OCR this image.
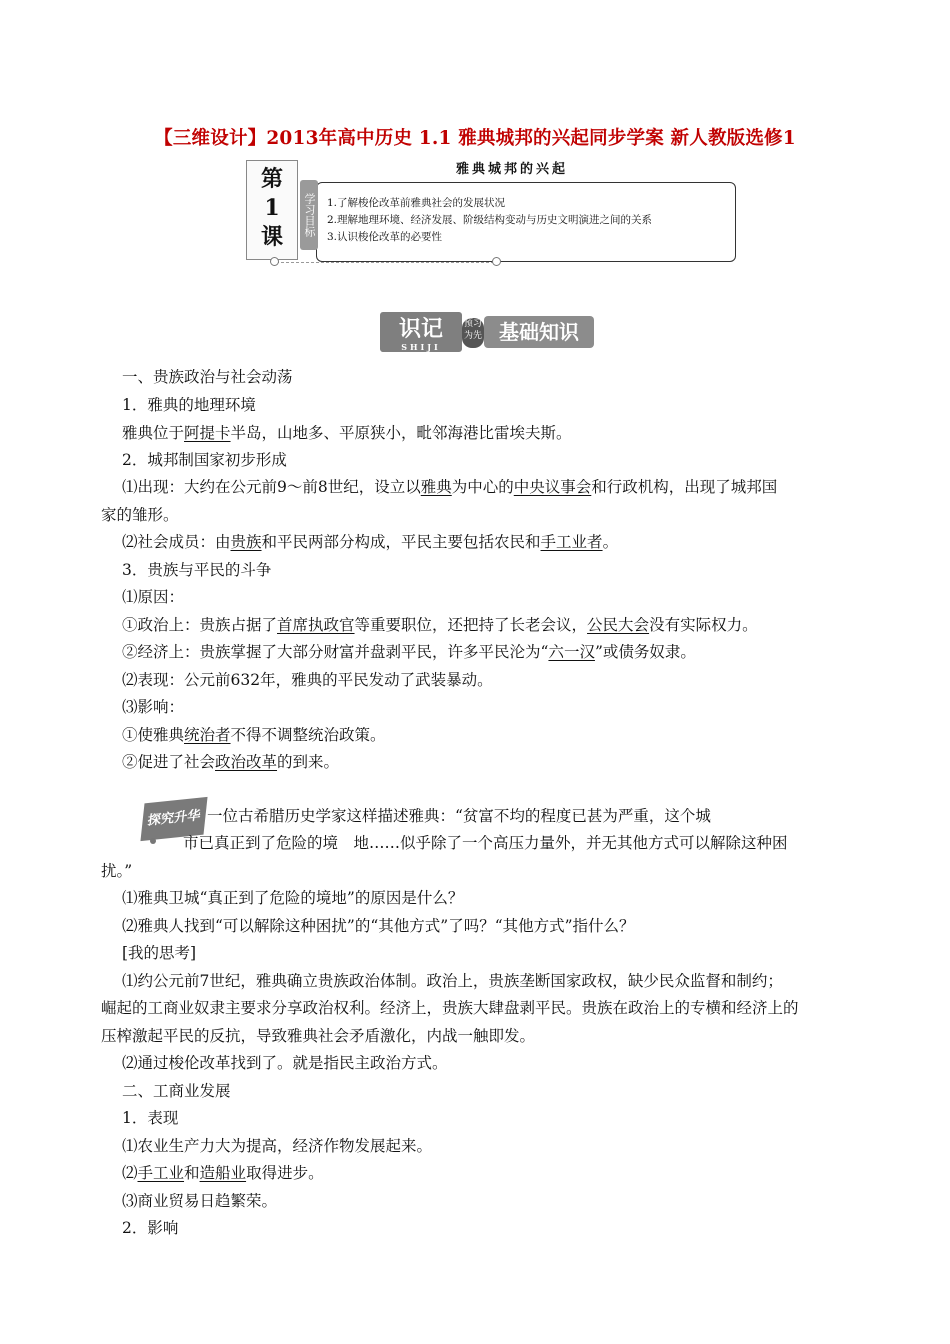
【三维设计】2013年高中历史 1.1 雅典城邦的兴起同步学案 新人教版选修1
雅典城邦的兴起
第
1
课
1.了解梭伦改革前雅典社会的发展状况
2.理解地理环境、经济发展、阶级结构变动与历史文明演进之间的关系
3.认识梭伦改革的必要性
学习目标
识记
SHIJI
预习为先 基础知识
一、贵族政治与社会动荡
1．雅典的地理环境
雅典位于阿提卡半岛，山地多、平原狭小，毗邻海港比雷埃夫斯。
2．城邦制国家初步形成
⑴出现：大约在公元前9～前8世纪，设立以雅典为中心的中央议事会和行政机构，出现了城邦国
家的雏形。
⑵社会成员：由贵族和平民两部分构成，平民主要包括农民和手工业者。
3．贵族与平民的斗争
⑴原因：
①政治上：贵族占据了首席执政官等重要职位，还把持了长老会议，公民大会没有实际权力。
②经济上：贵族掌握了大部分财富并盘剥平民，许多平民沦为“六一汉”或债务奴隶。
⑵表现：公元前632年，雅典的平民发动了武装暴动。
⑶影响：
①使雅典统治者不得不调整统治政策。
②促进了社会政治改革的到来。
探究升华 一位古希腊历史学家这样描述雅典：“贫富不均的程度已甚为严重，这个城
市已真正到了危险的境　地……似乎除了一个高压力量外，并无其他方式可以解除这种困
扰。”
⑴雅典卫城“真正到了危险的境地”的原因是什么？
⑵雅典人找到“可以解除这种困扰”的“其他方式”了吗？“其他方式”指什么？
[我的思考]
⑴约公元前7世纪，雅典确立贵族政治体制。政治上，贵族垄断国家政权，缺少民众监督和制约；
崛起的工商业奴隶主要求分享政治权利。经济上，贵族大肆盘剥平民。贵族在政治上的专横和经济上的
压榨激起平民的反抗，导致雅典社会矛盾激化，内战一触即发。
⑵通过梭伦改革找到了。就是指民主政治方式。
二、工商业发展
1．表现
⑴农业生产力大为提高，经济作物发展起来。
⑵手工业和造船业取得进步。
⑶商业贸易日趋繁荣。
2．影响
